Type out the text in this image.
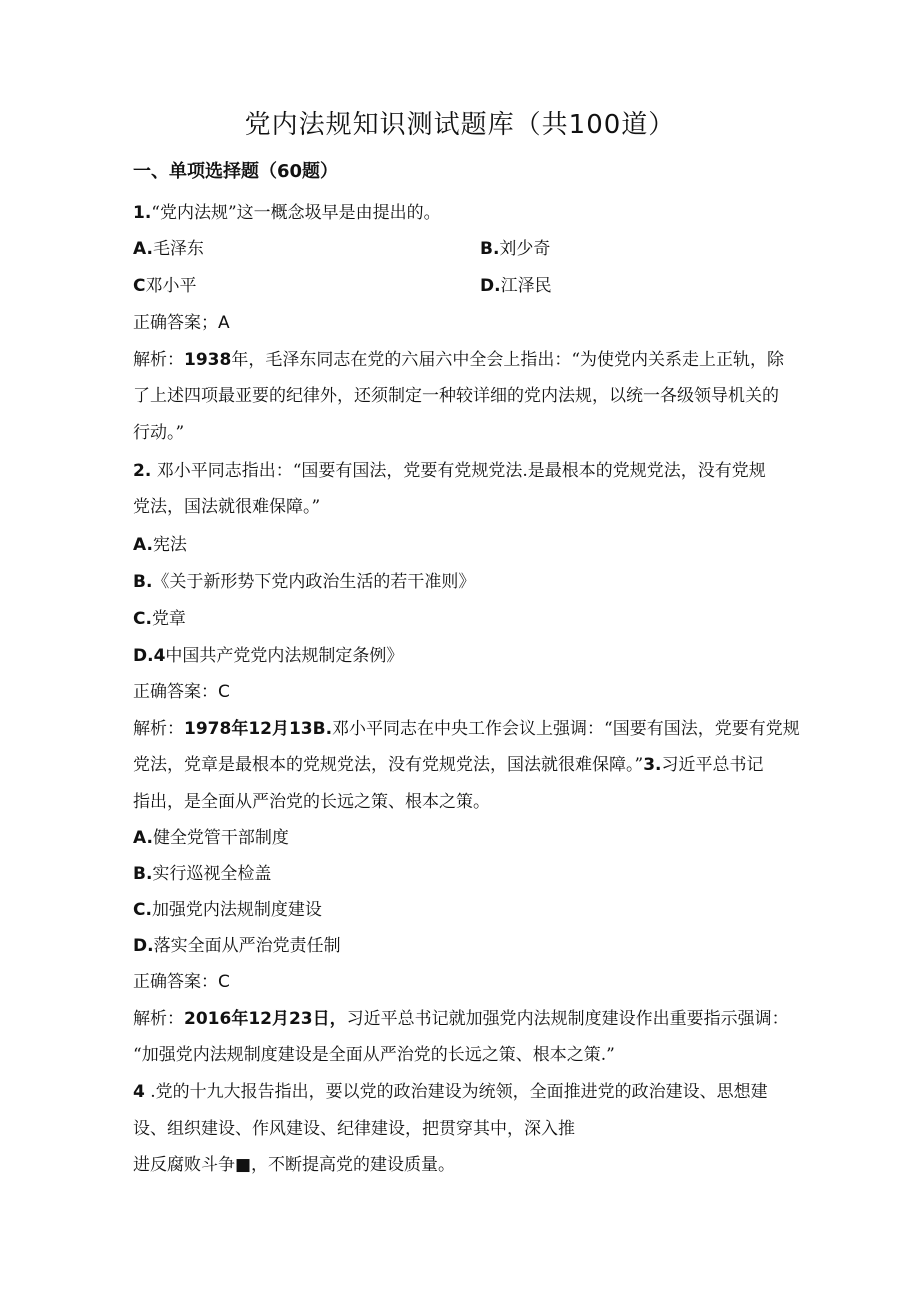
党内法规知识测试题库（共100道）
一、单项选择题（60题）
1.“党内法规”这一概念圾早是由提出的。
A.毛泽东	B.刘少奇
C邓小平	D.江泽民
正确答案；A
解析：1938年，毛泽东同志在党的六届六中全会上指出：“为使党内关系走上正轨，除
了上述四项最亚要的纪律外，还须制定一种较详细的党内法规，以统一各级领导机关的
行动。”
2. 邓小平同志指出：“国要有国法，党要有党规党法.是最根本的党规党法，没有党规
党法，国法就很难保障。”
A.宪法
B.《关于新形势下党内政治生活的若干准则》
C.党章
D.4中国共产党党内法规制定条例》
正确答案：C
解析：1978年12月13B.邓小平同志在中央工作会议上强调：“国要有国法，党要有党规
党法，党章是最根本的党规党法，没有党规党法，国法就很难保障。”3.习近平总书记
指出，是全面从严治党的长远之策、根本之策。
A.健全党管干部制度
B.实行巡视全检盖
C.加强党内法规制度建设
D.落实全面从严治党责任制
正确答案：C
解析：2016年12月23日，习近平总书记就加强党内法规制度建设作出重要指示强调：
“加强党内法规制度建设是全面从严治党的长远之策、根本之策.”
4 .党的十九大报告指出，要以党的政治建设为统领，全面推进党的政治建设、思想建
设、组织建设、作风建设、纪律建设，把贯穿其中，深入推
进反腐败斗争■，不断提高党的建设质量。
